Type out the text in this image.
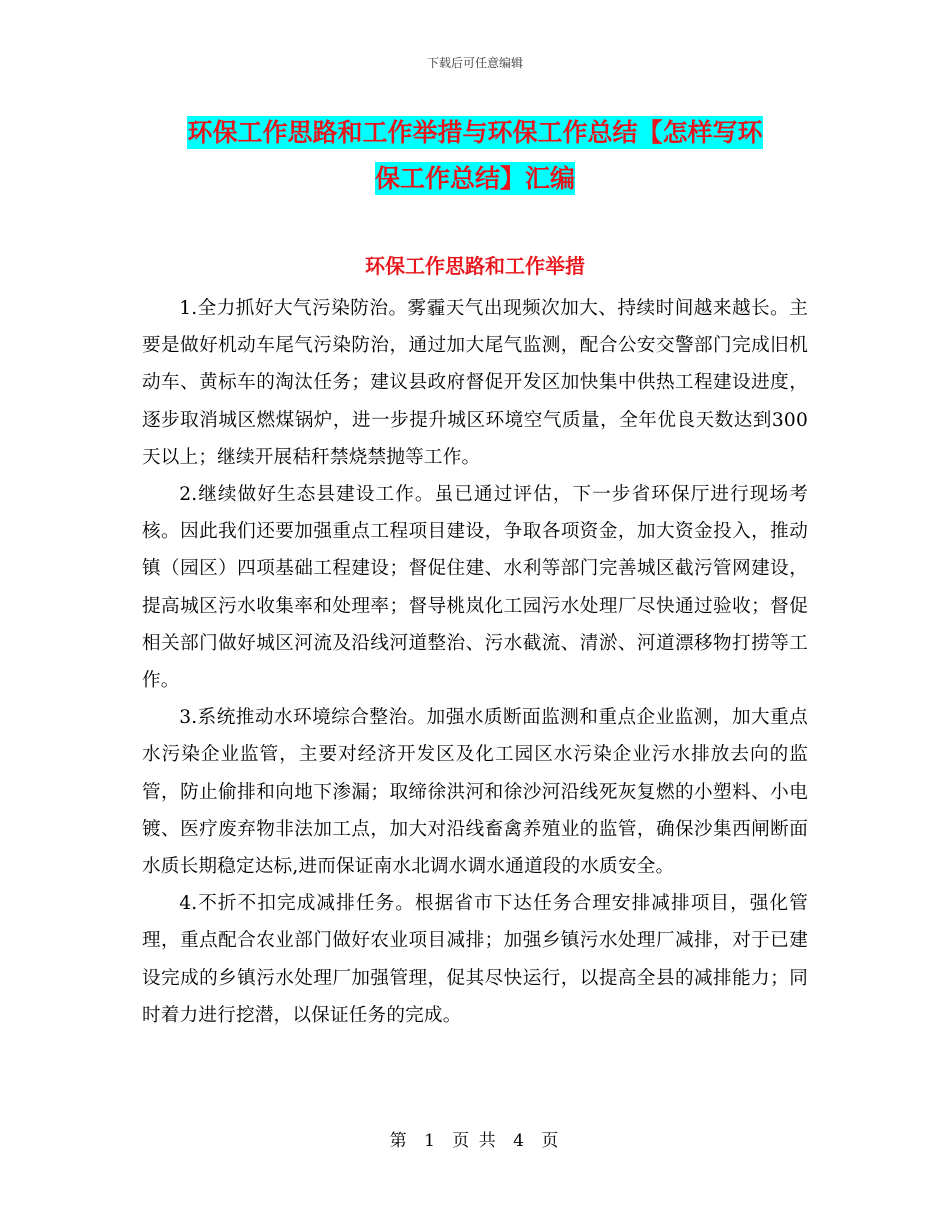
下载后可任意编辑
环保工作思路和工作举措与环保工作总结【怎样写环
保工作总结】汇编
环保工作思路和工作举措

1.全力抓好大气污染防治。雾霾天气出现频次加大、持续时间越来越长。主要是做好机动车尾气污染防治，通过加大尾气监测，配合公安交警部门完成旧机动车、黄标车的淘汰任务；建议县政府督促开发区加快集中供热工程建设进度，逐步取消城区燃煤锅炉，进一步提升城区环境空气质量，全年优良天数达到300天以上；继续开展秸秆禁烧禁抛等工作。

2.继续做好生态县建设工作。虽已通过评估，下一步省环保厅进行现场考核。因此我们还要加强重点工程项目建设，争取各项资金，加大资金投入，推动镇（园区）四项基础工程建设；督促住建、水利等部门完善城区截污管网建设，提高城区污水收集率和处理率；督导桃岚化工园污水处理厂尽快通过验收；督促相关部门做好城区河流及沿线河道整治、污水截流、清淤、河道漂移物打捞等工作。

3.系统推动水环境综合整治。加强水质断面监测和重点企业监测，加大重点水污染企业监管，主要对经济开发区及化工园区水污染企业污水排放去向的监管，防止偷排和向地下渗漏；取缔徐洪河和徐沙河沿线死灰复燃的小塑料、小电镀、医疗废弃物非法加工点，加大对沿线畜禽养殖业的监管，确保沙集西闸断面水质长期稳定达标,进而保证南水北调水调水通道段的水质安全。

4.不折不扣完成减排任务。根据省市下达任务合理安排减排项目，强化管理，重点配合农业部门做好农业项目减排；加强乡镇污水处理厂减排，对于已建设完成的乡镇污水处理厂加强管理，促其尽快运行，以提高全县的减排能力；同时着力进行挖潜，以保证任务的完成。

第 1 页 共 4 页
